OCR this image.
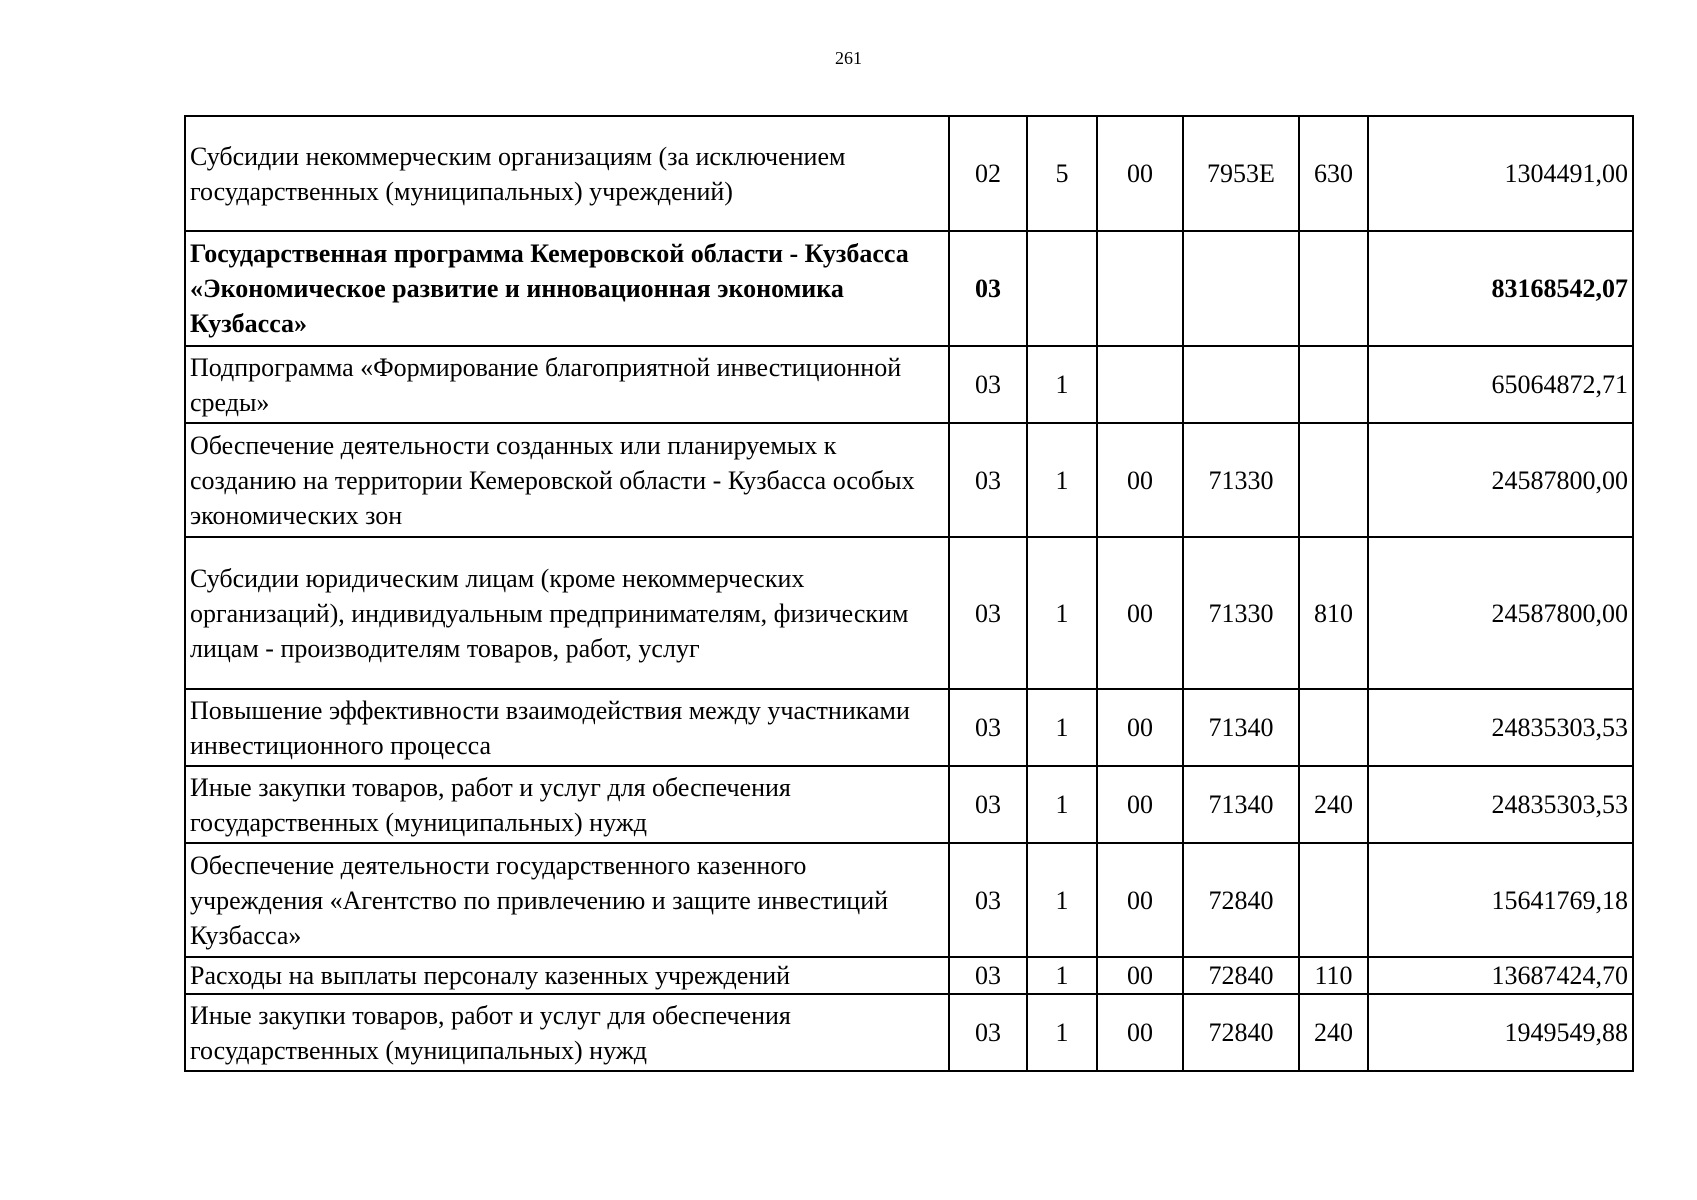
261
Субсидии некоммерческим организациям (за исключением государственных (муниципальных) учреждений)	02	5	00	7953E	630	1304491,00
Государственная программа Кемеровской области - Кузбасса «Экономическое развитие и инновационная экономика Кузбасса»	03					83168542,07
Подпрограмма «Формирование благоприятной инвестиционной среды»	03	1				65064872,71
Обеспечение деятельности созданных или планируемых к созданию на территории Кемеровской области - Кузбасса особых экономических зон	03	1	00	71330		24587800,00
Субсидии юридическим лицам (кроме некоммерческих организаций), индивидуальным предпринимателям, физическим лицам - производителям товаров, работ, услуг	03	1	00	71330	810	24587800,00
Повышение эффективности взаимодействия между участниками инвестиционного процесса	03	1	00	71340		24835303,53
Иные закупки товаров, работ и услуг для обеспечения государственных (муниципальных) нужд	03	1	00	71340	240	24835303,53
Обеспечение деятельности государственного казенного учреждения «Агентство по привлечению и защите инвестиций Кузбасса»	03	1	00	72840		15641769,18
Расходы на выплаты персоналу казенных учреждений	03	1	00	72840	110	13687424,70
Иные закупки товаров, работ и услуг для обеспечения государственных (муниципальных) нужд	03	1	00	72840	240	1949549,88
